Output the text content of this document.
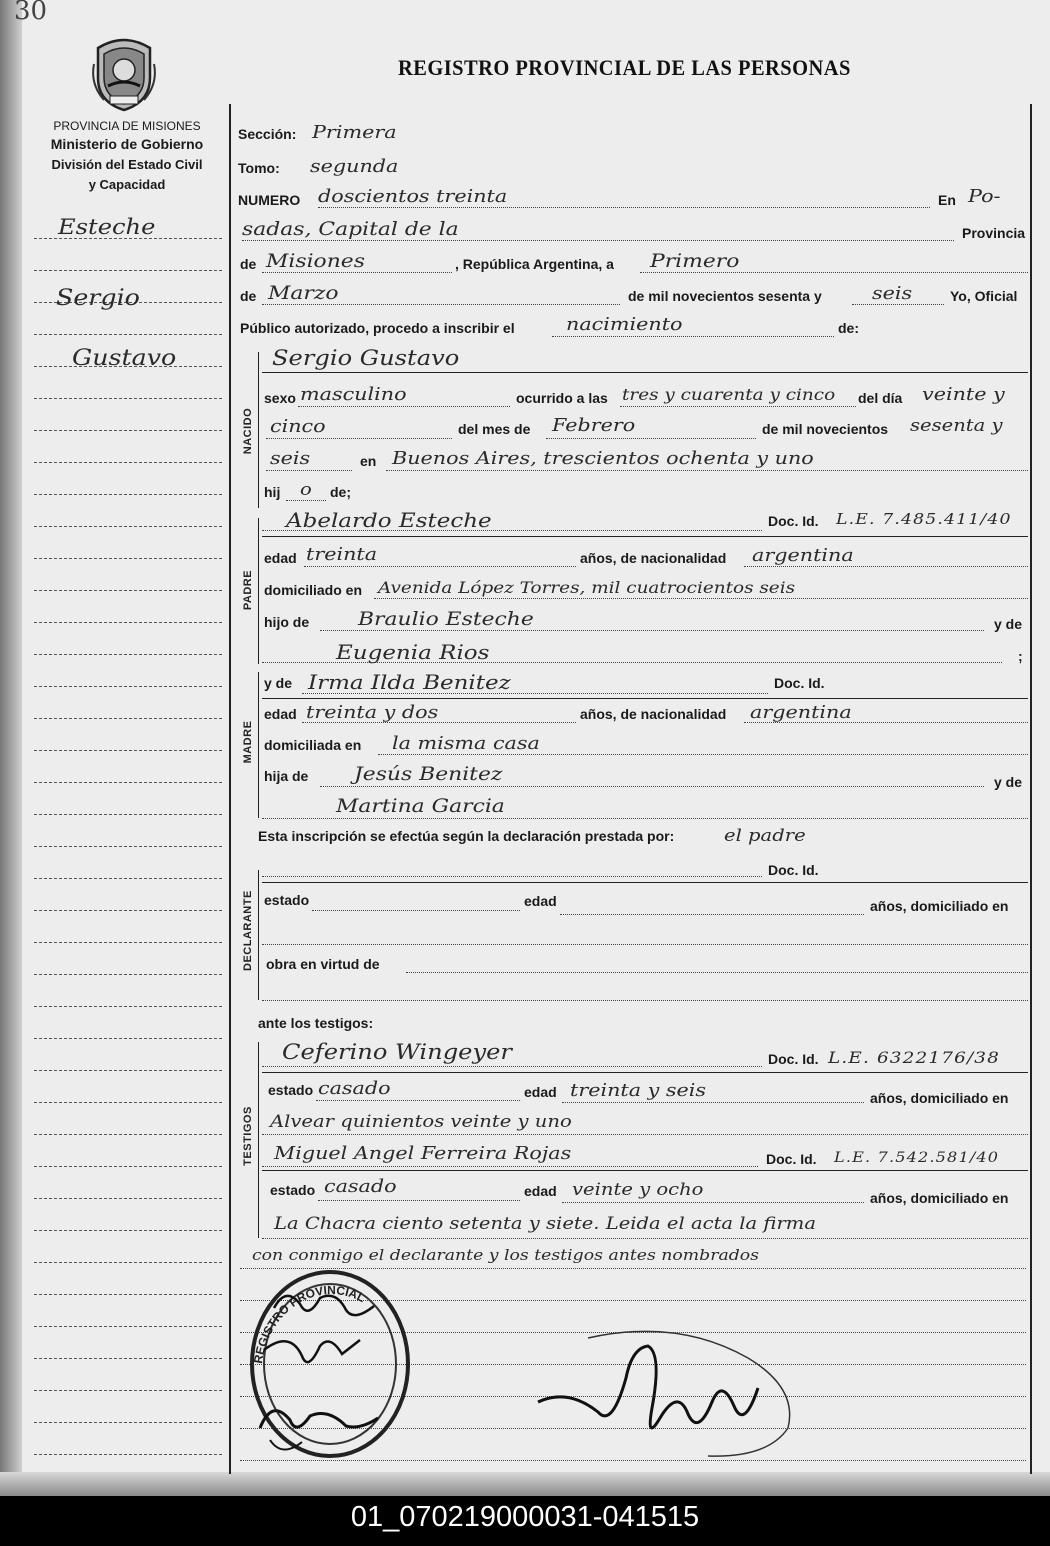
30
REGISTRO PROVINCIAL DE LAS PERSONAS
PROVINCIA DE MISIONES
Ministerio de Gobierno
División del Estado Civil
y Capacidad
Esteche
Sergio
Gustavo
Sección: Primera
Tomo: segunda
NUMERO doscientos treinta	En Po-
sadas, Capital de la	Provincia
de Misiones	, República Argentina, a Primero
de Marzo	de mil novecientos sesenta y	seis	Yo, Oficial
Público autorizado, procedo a inscribir el	nacimiento	de:
NACIDO
Sergio Gustavo
sexo masculino	ocurrido a las tres y cuarenta y cinco del día veinte y
cinco	del mes de Febrero	de mil novecientos sesenta y
seis	en Buenos Aires, trescientos ochenta y uno
hij o de;
PADRE
Abelardo Esteche	Doc. Id. L.E. 7.485.411/40
edad treinta	años, de nacionalidad argentina
domiciliado en Avenida López Torres, mil cuatrocientos seis
hijo de	Braulio Esteche	y de
Eugenia Rios	;
MADRE
y de Irma Ilda Benitez	Doc. Id.
edad treinta y dos	años, de nacionalidad argentina
domiciliada en la misma casa
hija de Jesús Benitez	y de
Martina Garcia
Esta inscripción se efectúa según la declaración prestada por:	el padre
DECLARANTE
Doc. Id.
estado	edad	años, domiciliado en
obra en virtud de
ante los testigos:
TESTIGOS
Ceferino Wingeyer	Doc. Id. L.E. 6322176/38
estado casado	edad treinta y seis	años, domiciliado en
Alvear quinientos veinte y uno
Miguel Angel Ferreira Rojas	Doc. Id. L.E. 7.542.581/40
estado casado	edad veinte y ocho	años, domiciliado en
La Chacra ciento setenta y siete. Leida el acta la firma
con conmigo el declarante y los testigos antes nombrados
REGISTRO PROVINCIAL
01_070219000031-041515
